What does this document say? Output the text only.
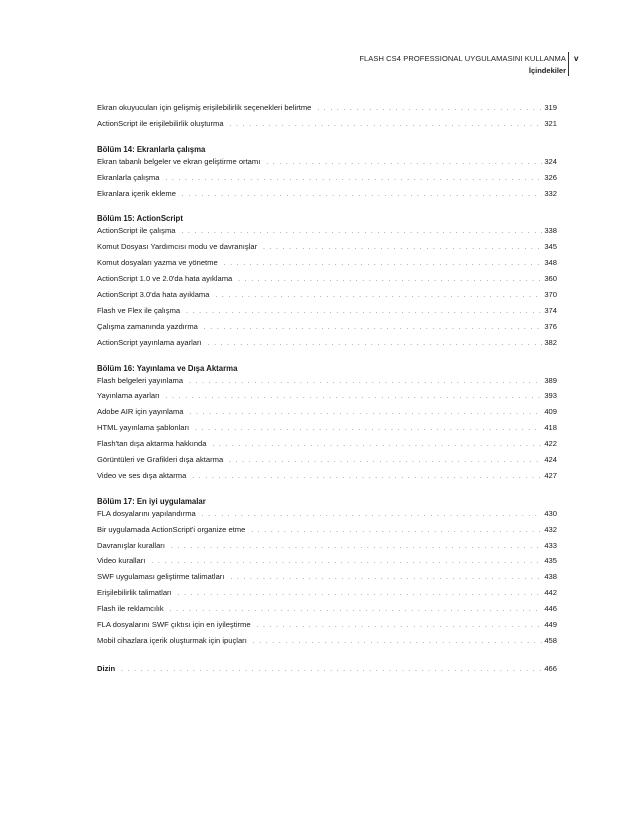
FLASH CS4 PROFESSIONAL UYGULAMASINI KULLANMA
İçindekiler
v
Ekran okuyucuları için gelişmiş erişilebilirlik seçenekleri belirtme . . .	319
ActionScript ile erişilebilirlik oluşturma . . .	321
Bölüm 14: Ekranlarla çalışma
Ekran tabanlı belgeler ve ekran geliştirme ortamı . . .	324
Ekranlarla çalışma . . .	326
Ekranlara içerik ekleme . . .	332
Bölüm 15: ActionScript
ActionScript ile çalışma . . .	338
Komut Dosyası Yardımcısı modu ve davranışlar . . .	345
Komut dosyaları yazma ve yönetme . . .	348
ActionScript 1.0 ve 2.0'da hata ayıklama . . .	360
ActionScript 3.0'da hata ayıklama . . .	370
Flash ve Flex ile çalışma . . .	374
Çalışma zamanında yazdırma . . .	376
ActionScript yayınlama ayarları . . .	382
Bölüm 16: Yayınlama ve Dışa Aktarma
Flash belgeleri yayınlama . . .	389
Yayınlama ayarları . . .	393
Adobe AIR için yayınlama . . .	409
HTML yayınlama şablonları . . .	418
Flash'tan dışa aktarma hakkında . . .	422
Görüntüleri ve Grafikleri dışa aktarma . . .	424
Video ve ses dışa aktarma . . .	427
Bölüm 17: En iyi uygulamalar
FLA dosyalarını yapılandırma . . .	430
Bir uygulamada ActionScript'i organize etme . . .	432
Davranışlar kuralları . . .	433
Video kuralları . . .	435
SWF uygulaması geliştirme talimatları . . .	438
Erişilebilirlik talimatları . . .	442
Flash ile reklamcılık . . .	446
FLA dosyalarını SWF çıktısı için en iyileştirme . . .	449
Mobil cihazlara içerik oluşturmak için ipuçları . . .	458
Dizin . . .	466
